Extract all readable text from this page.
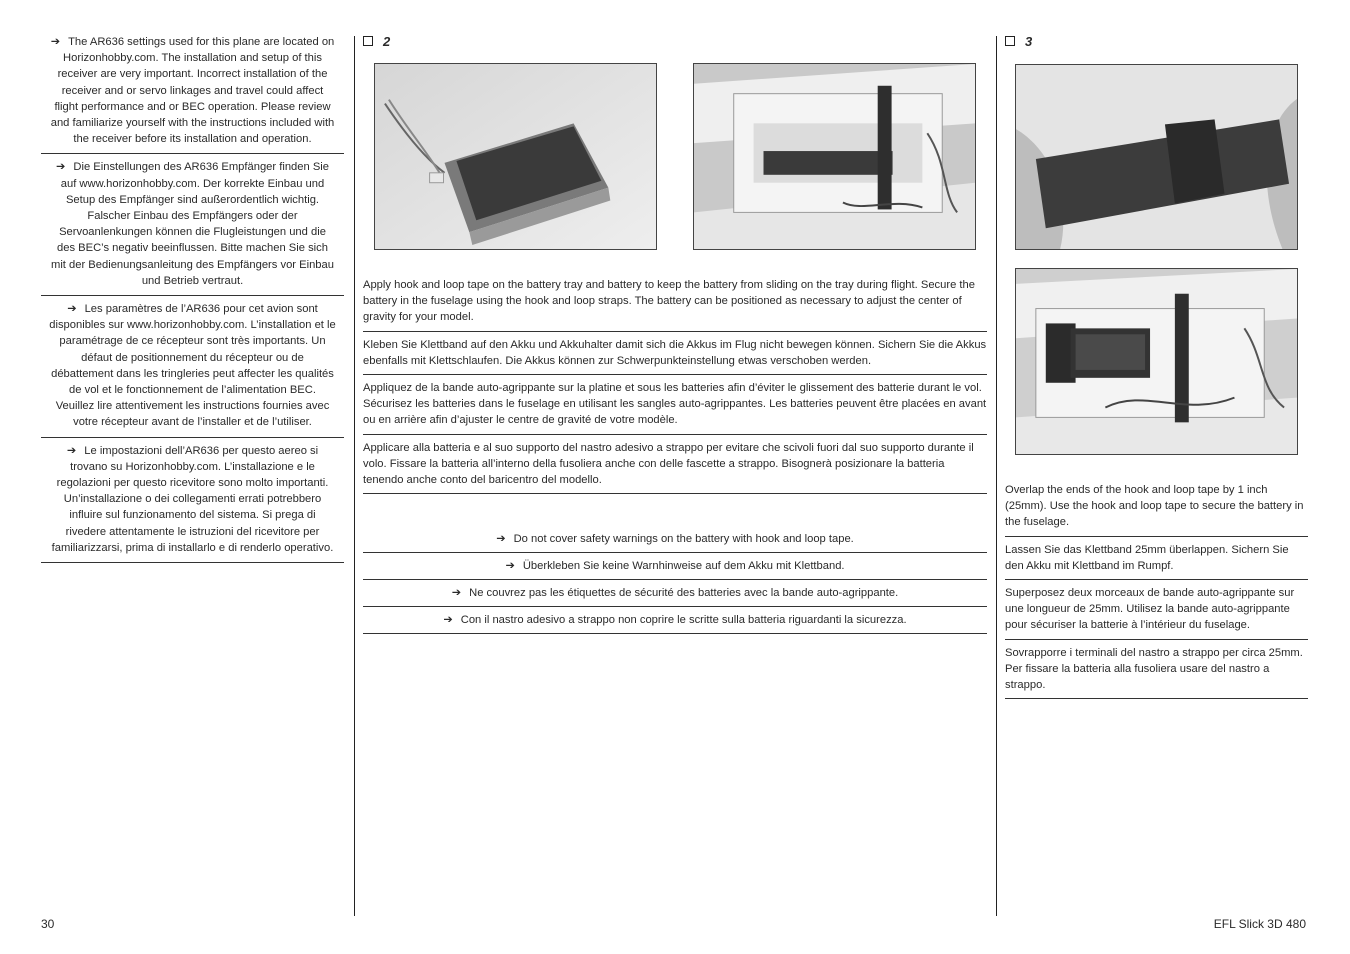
➔ The AR636 settings used for this plane are located on Horizonhobby.com. The installation and setup of this receiver are very important. Incorrect installation of the receiver and or servo linkages and travel could affect flight performance and or BEC operation. Please review and familiarize yourself with the instructions included with the receiver before its installation and operation.
➔ Die Einstellungen des AR636 Empfänger finden Sie auf www.horizonhobby.com. Der korrekte Einbau und Setup des Empfänger sind außerordentlich wichtig. Falscher Einbau des Empfängers oder der Servoanlenkungen können die Flugleistungen und die des BEC’s negativ beeinflussen. Bitte machen Sie sich mit der Bedienungsanleitung des Empfängers vor Einbau und Betrieb vertraut.
➔ Les paramètres de l’AR636 pour cet avion sont disponibles sur www.horizonhobby.com. L’installation et le paramétrage de ce récepteur sont très importants. Un défaut de positionnement du récepteur ou de débattement dans les tringleries peut affecter les qualités de vol et le fonctionnement de l’alimentation BEC. Veuillez lire attentivement les instructions fournies avec votre récepteur avant de l’installer et de l’utiliser.
➔ Le impostazioni dell’AR636 per questo aereo si trovano su Horizonhobby.com. L’installazione e le regolazioni per questo ricevitore sono molto importanti. Un’installazione o dei collegamenti errati potrebbero influire sul funzionamento del sistema. Si prega di rivedere attentamente le istruzioni del ricevitore per familiarizzarsi, prima di installarlo e di renderlo operativo.
2
Apply hook and loop tape on the battery tray and battery to keep the battery from sliding on the tray during flight. Secure the battery in the fuselage using the hook and loop straps. The battery can be positioned as necessary to adjust the center of gravity for your model.
Kleben Sie Klettband auf den Akku und Akkuhalter damit sich die Akkus im Flug nicht bewegen können. Sichern Sie die Akkus ebenfalls mit Klettschlaufen. Die Akkus können zur Schwerpunkteinstellung etwas verschoben werden.
Appliquez de la bande auto-agrippante sur la platine et sous les batteries afin d’éviter le glissement des batterie durant le vol. Sécurisez les batteries dans le fuselage en utilisant les sangles auto-agrippantes. Les batteries peuvent être placées en avant ou en arrière afin d’ajuster le centre de gravité de votre modèle.
Applicare alla batteria e al suo supporto del nastro adesivo a strappo per evitare che scivoli fuori dal suo supporto durante il volo. Fissare la batteria all’interno della fusoliera anche con delle fascette a strappo. Bisognerà posizionare la batteria tenendo anche conto del baricentro del modello.
➔ Do not cover safety warnings on the battery with hook and loop tape.
➔ Überkleben Sie keine Warnhinweise auf dem Akku mit Klettband.
➔ Ne couvrez pas les étiquettes de sécurité des batteries avec la bande auto-agrippante.
➔ Con il nastro adesivo a strappo non coprire le scritte sulla batteria riguardanti la sicurezza.
3
Overlap the ends of the hook and loop tape by 1 inch (25mm). Use the hook and loop tape to secure the battery in the fuselage.
Lassen Sie das Klettband 25mm überlappen. Sichern Sie den Akku mit Klettband im Rumpf.
Superposez deux morceaux de bande auto-agrippante sur une longueur de 25mm. Utilisez la bande auto-agrippante pour sécuriser la batterie à l’intérieur du fuselage.
Sovrapporre i terminali del nastro a strappo per circa 25mm. Per fissare la batteria alla fusoliera usare del nastro a strappo.
30	EFL Slick 3D 480
